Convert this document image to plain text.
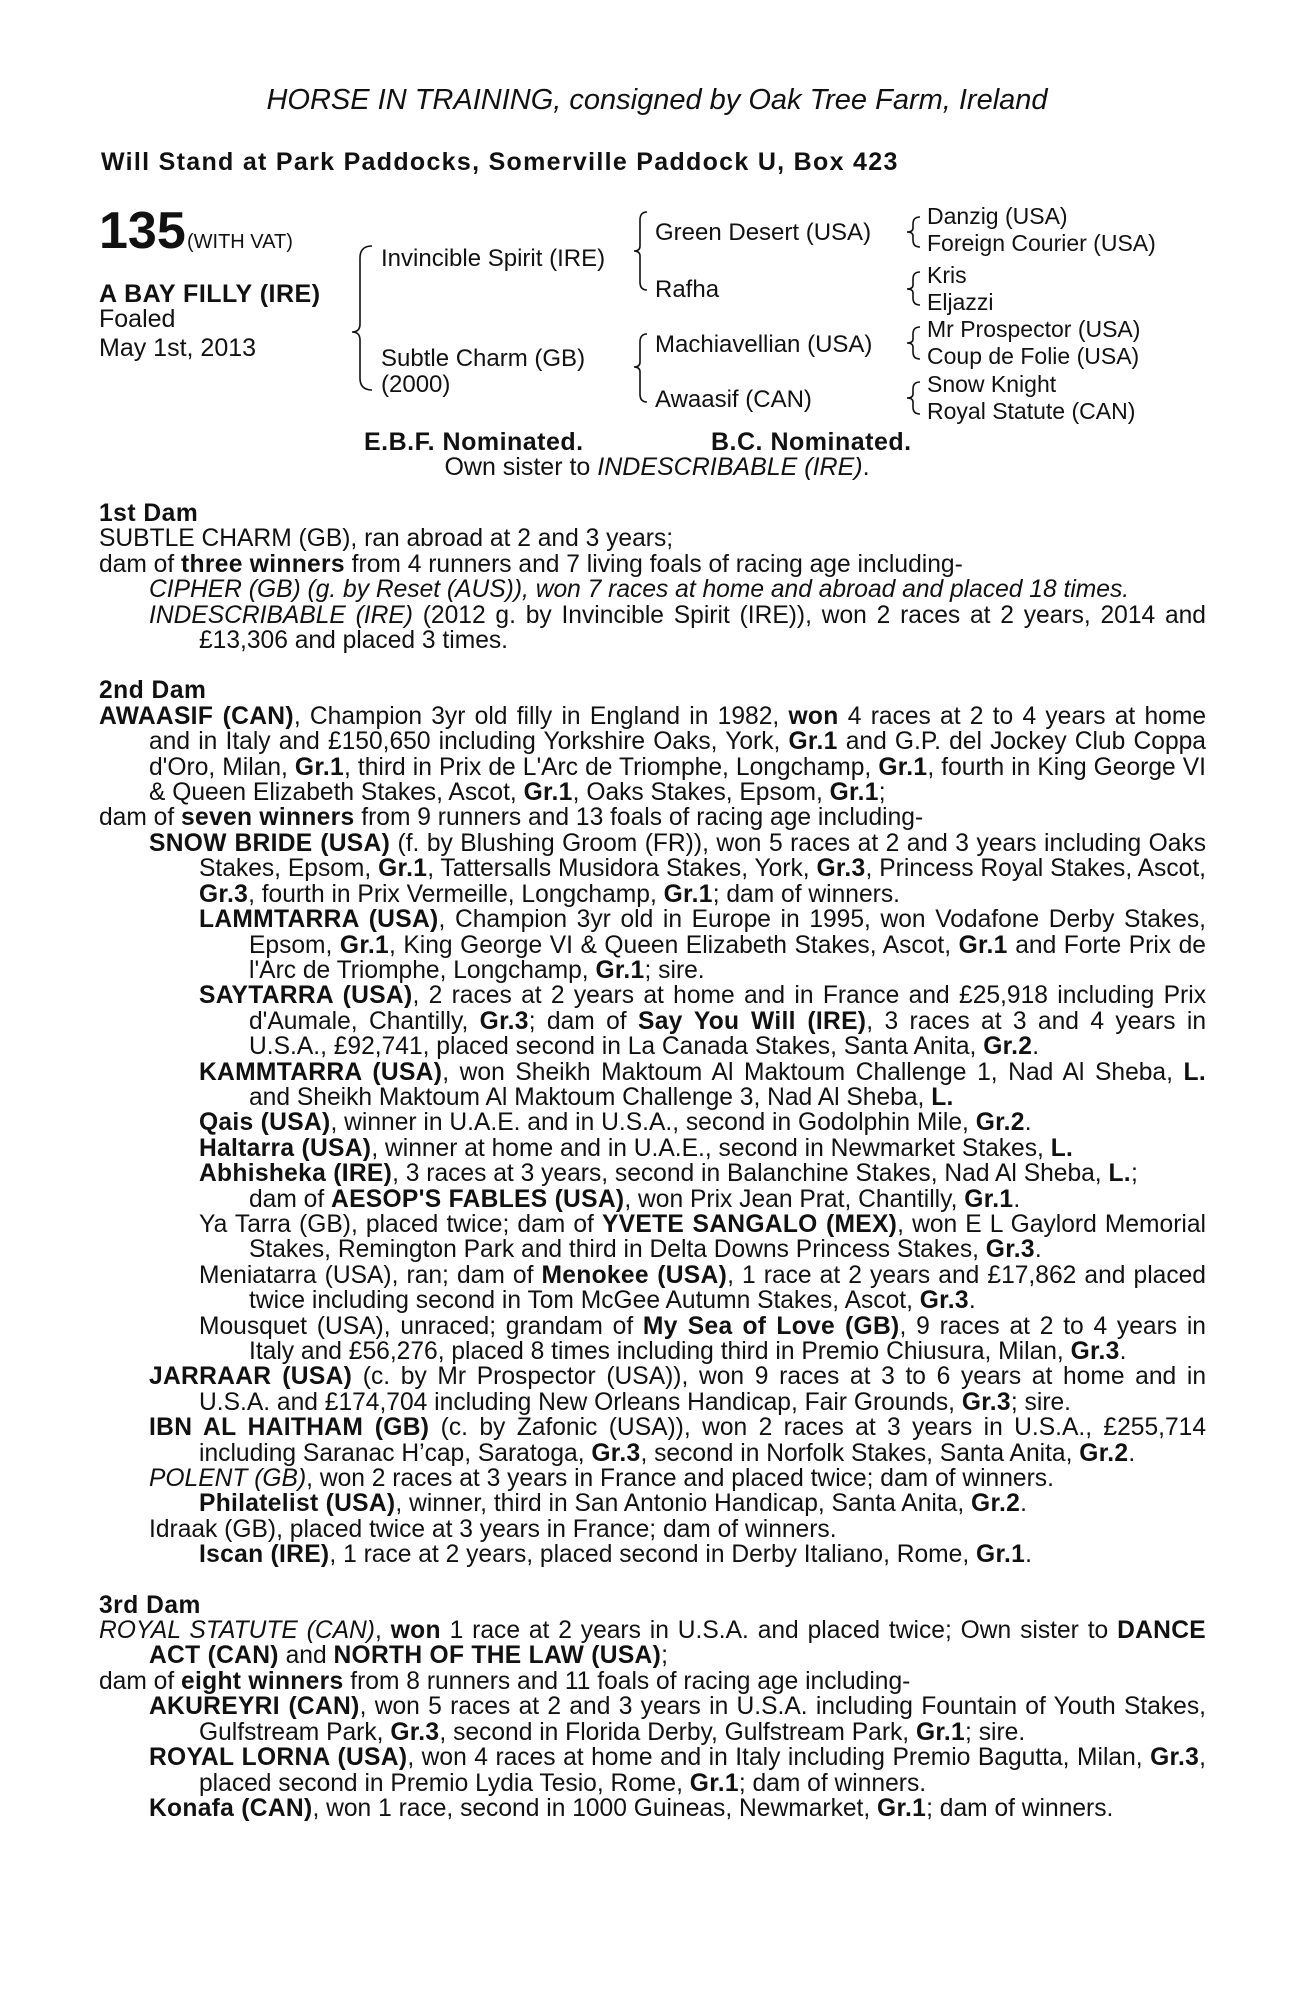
HORSE IN TRAINING, consigned by Oak Tree Farm, Ireland
Will Stand at Park Paddocks, Somerville Paddock U, Box 423
135 (WITH VAT)
A BAY FILLY (IRE)
Foaled
May 1st, 2013
Invincible Spirit (IRE)
Subtle Charm (GB)
(2000)
Green Desert (USA)
Rafha
Machiavellian (USA)
Awaasif (CAN)
Danzig (USA)
Foreign Courier (USA)
Kris
Eljazzi
Mr Prospector (USA)
Coup de Folie (USA)
Snow Knight
Royal Statute (CAN)
E.B.F. Nominated.	B.C. Nominated.
Own sister to INDESCRIBABLE (IRE).

1st Dam

SUBTLE CHARM (GB), ran abroad at 2 and 3 years;

dam of three winners from 4 runners and 7 living foals of racing age including-

CIPHER (GB) (g. by Reset (AUS)), won 7 races at home and abroad and placed 18 times.

INDESCRIBABLE (IRE) (2012 g. by Invincible Spirit (IRE)), won 2 races at 2 years, 2014 and £13,306 and placed 3 times.

2nd Dam

AWAASIF (CAN), Champion 3yr old filly in England in 1982, won 4 races at 2 to 4 years at home and in Italy and £150,650 including Yorkshire Oaks, York, Gr.1 and G.P. del Jockey Club Coppa d'Oro, Milan, Gr.1, third in Prix de L'Arc de Triomphe, Longchamp, Gr.1, fourth in King George VI & Queen Elizabeth Stakes, Ascot, Gr.1, Oaks Stakes, Epsom, Gr.1;

dam of seven winners from 9 runners and 13 foals of racing age including-

SNOW BRIDE (USA) (f. by Blushing Groom (FR)), won 5 races at 2 and 3 years including Oaks Stakes, Epsom, Gr.1, Tattersalls Musidora Stakes, York, Gr.3, Princess Royal Stakes, Ascot, Gr.3, fourth in Prix Vermeille, Longchamp, Gr.1; dam of winners.

LAMMTARRA (USA), Champion 3yr old in Europe in 1995, won Vodafone Derby Stakes, Epsom, Gr.1, King George VI & Queen Elizabeth Stakes, Ascot, Gr.1 and Forte Prix de l'Arc de Triomphe, Longchamp, Gr.1; sire.

SAYTARRA (USA), 2 races at 2 years at home and in France and £25,918 including Prix d'Aumale, Chantilly, Gr.3; dam of Say You Will (IRE), 3 races at 3 and 4 years in U.S.A., £92,741, placed second in La Canada Stakes, Santa Anita, Gr.2.

KAMMTARRA (USA), won Sheikh Maktoum Al Maktoum Challenge 1, Nad Al Sheba, L. and Sheikh Maktoum Al Maktoum Challenge 3, Nad Al Sheba, L.

Qais (USA), winner in U.A.E. and in U.S.A., second in Godolphin Mile, Gr.2.

Haltarra (USA), winner at home and in U.A.E., second in Newmarket Stakes, L.

Abhisheka (IRE), 3 races at 3 years, second in Balanchine Stakes, Nad Al Sheba, L.;

dam of AESOP'S FABLES (USA), won Prix Jean Prat, Chantilly, Gr.1.

Ya Tarra (GB), placed twice; dam of YVETE SANGALO (MEX), won E L Gaylord Memorial Stakes, Remington Park and third in Delta Downs Princess Stakes, Gr.3.

Meniatarra (USA), ran; dam of Menokee (USA), 1 race at 2 years and £17,862 and placed twice including second in Tom McGee Autumn Stakes, Ascot, Gr.3.

Mousquet (USA), unraced; grandam of My Sea of Love (GB), 9 races at 2 to 4 years in Italy and £56,276, placed 8 times including third in Premio Chiusura, Milan, Gr.3.

JARRAAR (USA) (c. by Mr Prospector (USA)), won 9 races at 3 to 6 years at home and in U.S.A. and £174,704 including New Orleans Handicap, Fair Grounds, Gr.3; sire.

IBN AL HAITHAM (GB) (c. by Zafonic (USA)), won 2 races at 3 years in U.S.A., £255,714 including Saranac H’cap, Saratoga, Gr.3, second in Norfolk Stakes, Santa Anita, Gr.2.

POLENT (GB), won 2 races at 3 years in France and placed twice; dam of winners.

Philatelist (USA), winner, third in San Antonio Handicap, Santa Anita, Gr.2.

Idraak (GB), placed twice at 3 years in France; dam of winners.

Iscan (IRE), 1 race at 2 years, placed second in Derby Italiano, Rome, Gr.1.

3rd Dam

ROYAL STATUTE (CAN), won 1 race at 2 years in U.S.A. and placed twice; Own sister to DANCE ACT (CAN) and NORTH OF THE LAW (USA);

dam of eight winners from 8 runners and 11 foals of racing age including-

AKUREYRI (CAN), won 5 races at 2 and 3 years in U.S.A. including Fountain of Youth Stakes, Gulfstream Park, Gr.3, second in Florida Derby, Gulfstream Park, Gr.1; sire.

ROYAL LORNA (USA), won 4 races at home and in Italy including Premio Bagutta, Milan, Gr.3, placed second in Premio Lydia Tesio, Rome, Gr.1; dam of winners.

Konafa (CAN), won 1 race, second in 1000 Guineas, Newmarket, Gr.1; dam of winners.
